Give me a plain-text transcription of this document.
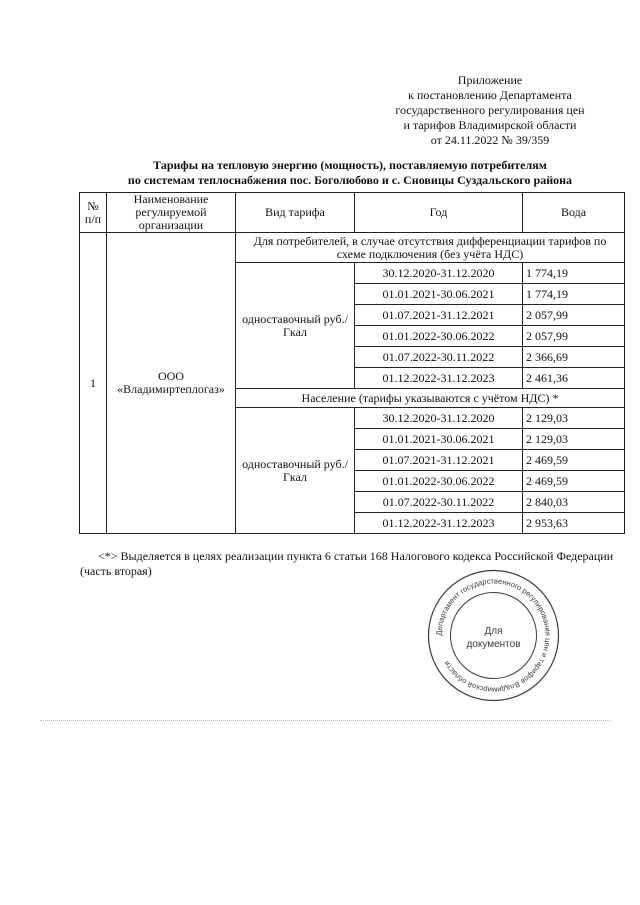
Приложение
к постановлению Департамента
государственного регулирования цен
и тарифов Владимирской области
от 24.11.2022 № 39/359
Тарифы на тепловую энергию (мощность), поставляемую потребителям
по системам теплоснабжения пос. Боголюбово и с. Сновицы Суздальского района
№ п/п	Наименование регулируемой организации	Вид тарифа	Год	Вода
1	ООО «Владимиртеплогаз»	Для потребителей, в случае отсутствия дифференциации тарифов по схеме подключения (без учёта НДС)		
		одноставочный руб./Гкал	30.12.2020-31.12.2020	1 774,19
			01.01.2021-30.06.2021	1 774,19
			01.07.2021-31.12.2021	2 057,99
			01.01.2022-30.06.2022	2 057,99
			01.07.2022-30.11.2022	2 366,69
			01.12.2022-31.12.2023	2 461,36
		Население (тарифы указываются с учётом НДС) *		
		одноставочный руб./Гкал	30.12.2020-31.12.2020	2 129,03
			01.01.2021-30.06.2021	2 129,03
			01.07.2021-31.12.2021	2 469,59
			01.01.2022-30.06.2022	2 469,59
			01.07.2022-30.11.2022	2 840,03
			01.12.2022-31.12.2023	2 953,63
<*> Выделяется в целях реализации пункта 6 статьи 168 Налогового кодекса Российской Федерации (часть вторая)
Департамент государственного регулирования цен и тарифов Владимирской области
Для
документов
